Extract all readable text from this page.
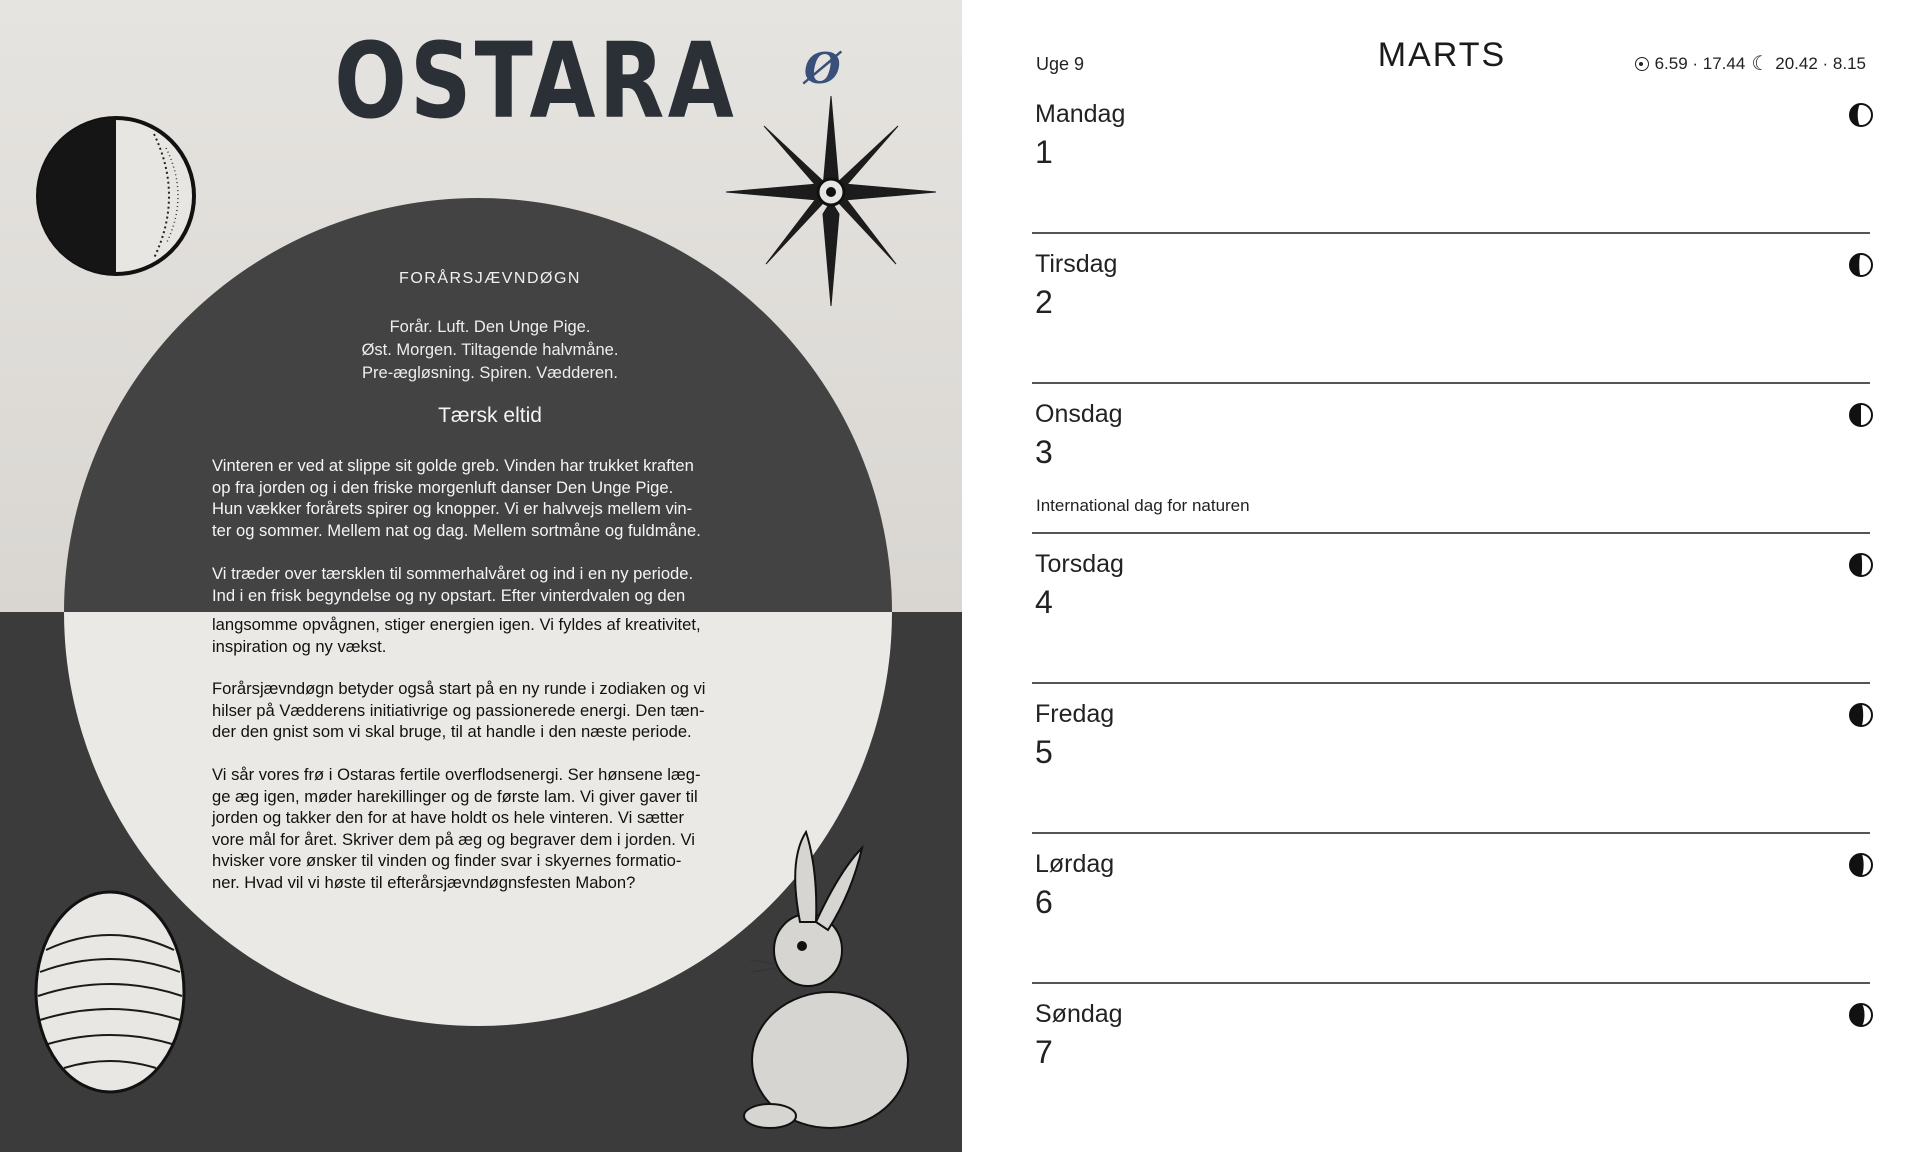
OSTARA Ø
FORÅRSJÆVNDØGN
Forår. Luft. Den Unge Pige.
Øst. Morgen. Tiltagende halvmåne.
Pre-ægløsning. Spiren. Vædderen.
Tærsk eltid
Vinteren er ved at slippe sit golde greb. Vinden har trukket kraften
op fra jorden og i den friske morgenluft danser Den Unge Pige.
Hun vækker forårets spirer og knopper. Vi er halvvejs mellem vin-
ter og sommer. Mellem nat og dag. Mellem sortmåne og fuldmåne.
Vi træder over tærsklen til sommerhalvåret og ind i en ny periode.
Ind i en frisk begyndelse og ny opstart. Efter vinterdvalen og den
langsomme opvågnen, stiger energien igen. Vi fyldes af kreativitet,
inspiration og ny vækst.
Forårsjævndøgn betyder også start på en ny runde i zodiaken og vi
hilser på Vædderens initiativrige og passionerede energi. Den tæn-
der den gnist som vi skal bruge, til at handle i den næste periode.
Vi sår vores frø i Ostaras fertile overflodsenergi. Ser hønsene læg-
ge æg igen, møder harekillinger og de første lam. Vi giver gaver til
jorden og takker den for at have holdt os hele vinteren. Vi sætter
vore mål for året. Skriver dem på æg og begraver dem i jorden. Vi
hvisker vore ønsker til vinden og finder svar i skyernes formatio-
ner. Hvad vil vi høste til efterårsjævndøgnsfesten Mabon?
Uge 9	MARTS	6.59 · 17.44 ☾ 20.42 · 8.15
Mandag
1
Tirsdag
2
Onsdag
3
International dag for naturen
Torsdag
4
Fredag
5
Lørdag
6
Søndag
7
